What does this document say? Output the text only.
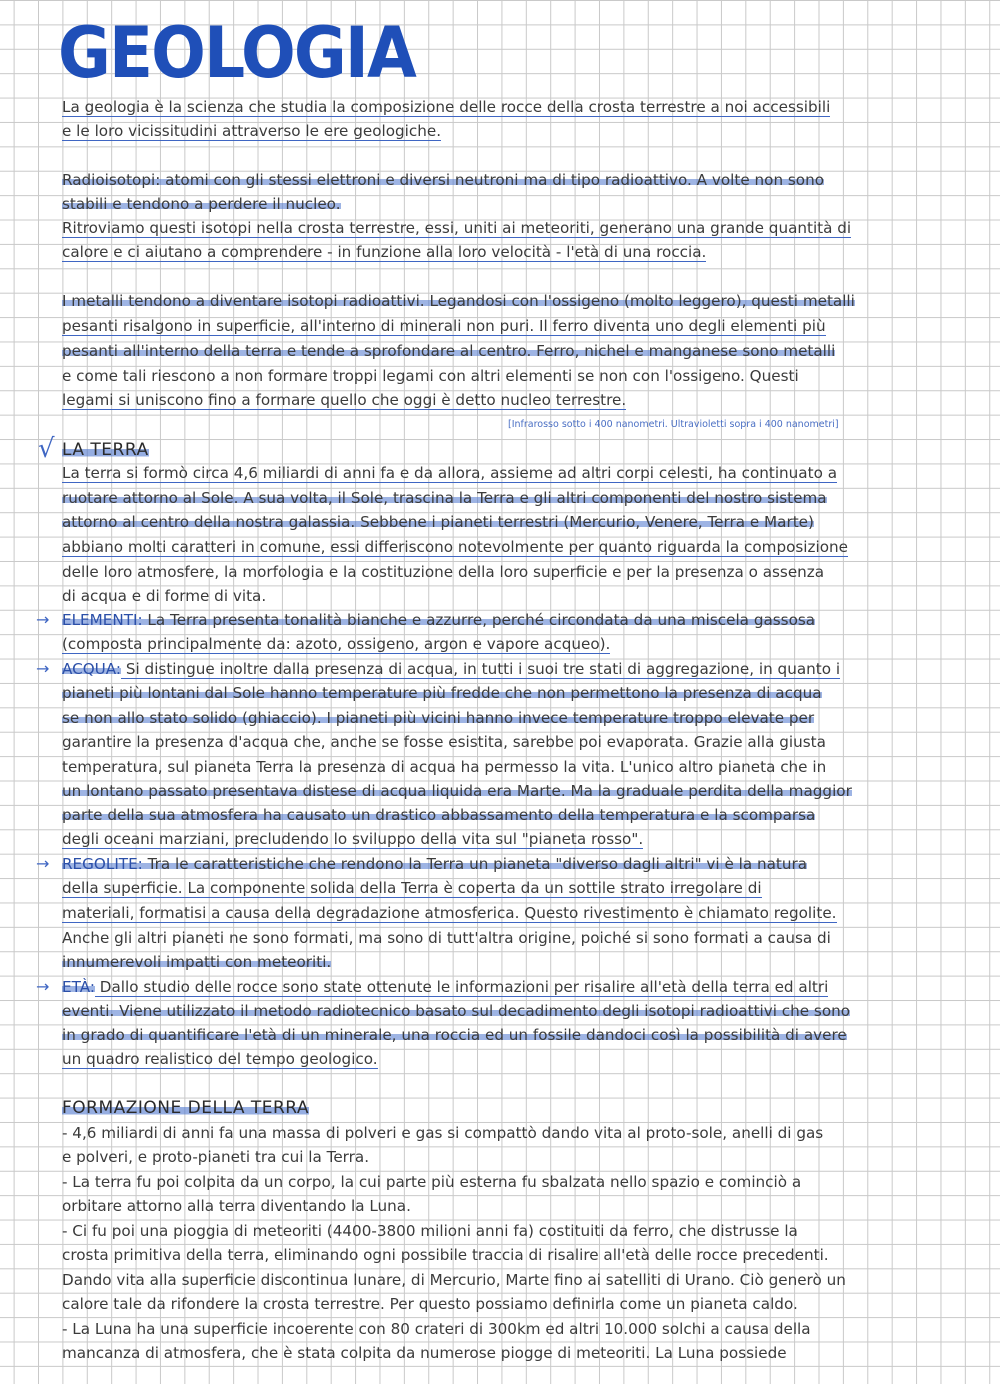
GEOLOGIA
La geologia è la scienza che studia la composizione delle rocce della crosta terrestre a noi accessibili
e le loro vicissitudini attraverso le ere geologiche.
Radioisotopi: atomi con gli stessi elettroni e diversi neutroni ma di tipo radioattivo. A volte non sono
stabili e tendono a perdere il nucleo.
Ritroviamo questi isotopi nella crosta terrestre, essi, uniti ai meteoriti, generano una grande quantità di
calore e ci aiutano a comprendere - in funzione alla loro velocità - l'età di una roccia.
I metalli tendono a diventare isotopi radioattivi. Legandosi con l'ossigeno (molto leggero), questi metalli
pesanti risalgono in superficie, all'interno di minerali non puri. Il ferro diventa uno degli elementi più
pesanti all'interno della terra e tende a sprofondare al centro. Ferro, nichel e manganese sono metalli
e come tali riescono a non formare troppi legami con altri elementi se non con l'ossigeno. Questi
legami si uniscono fino a formare quello che oggi è detto nucleo terrestre.
[Infrarosso sotto i 400 nanometri. Ultravioletti sopra i 400 nanometri]
√ LA TERRA
La terra si formò circa 4,6 miliardi di anni fa e da allora, assieme ad altri corpi celesti, ha continuato a
ruotare attorno al Sole. A sua volta, il Sole, trascina la Terra e gli altri componenti del nostro sistema
attorno al centro della nostra galassia. Sebbene i pianeti terrestri (Mercurio, Venere, Terra e Marte)
abbiano molti caratteri in comune, essi differiscono notevolmente per quanto riguarda la composizione
delle loro atmosfere, la morfologia e la costituzione della loro superficie e per la presenza o assenza
di acqua e di forme di vita.
→ ELEMENTI: La Terra presenta tonalità bianche e azzurre, perché circondata da una miscela gassosa
(composta principalmente da: azoto, ossigeno, argon e vapore acqueo).
→ ACQUA: Si distingue inoltre dalla presenza di acqua, in tutti i suoi tre stati di aggregazione, in quanto i
pianeti più lontani dal Sole hanno temperature più fredde che non permettono la presenza di acqua
se non allo stato solido (ghiaccio). I pianeti più vicini hanno invece temperature troppo elevate per
garantire la presenza d'acqua che, anche se fosse esistita, sarebbe poi evaporata. Grazie alla giusta
temperatura, sul pianeta Terra la presenza di acqua ha permesso la vita. L'unico altro pianeta che in
un lontano passato presentava distese di acqua liquida era Marte. Ma la graduale perdita della maggior
parte della sua atmosfera ha causato un drastico abbassamento della temperatura e la scomparsa
degli oceani marziani, precludendo lo sviluppo della vita sul "pianeta rosso".
→ REGOLITE: Tra le caratteristiche che rendono la Terra un pianeta "diverso dagli altri" vi è la natura
della superficie. La componente solida della Terra è coperta da un sottile strato irregolare di
materiali, formatisi a causa della degradazione atmosferica. Questo rivestimento è chiamato regolite.
Anche gli altri pianeti ne sono formati, ma sono di tutt'altra origine, poiché si sono formati a causa di
innumerevoli impatti con meteoriti.
→ ETÀ: Dallo studio delle rocce sono state ottenute le informazioni per risalire all'età della terra ed altri
eventi. Viene utilizzato il metodo radiotecnico basato sul decadimento degli isotopi radioattivi che sono
in grado di quantificare l'età di un minerale, una roccia ed un fossile dandoci così la possibilità di avere
un quadro realistico del tempo geologico.
FORMAZIONE DELLA TERRA
- 4,6 miliardi di anni fa una massa di polveri e gas si compattò dando vita al proto-sole, anelli di gas
e polveri, e proto-pianeti tra cui la Terra.
- La terra fu poi colpita da un corpo, la cui parte più esterna fu sbalzata nello spazio e cominciò a
orbitare attorno alla terra diventando la Luna.
- Ci fu poi una pioggia di meteoriti (4400-3800 milioni anni fa) costituiti da ferro, che distrusse la
crosta primitiva della terra, eliminando ogni possibile traccia di risalire all'età delle rocce precedenti.
Dando vita alla superficie discontinua lunare, di Mercurio, Marte fino ai satelliti di Urano. Ciò generò un
calore tale da rifondere la crosta terrestre. Per questo possiamo definirla come un pianeta caldo.
- La Luna ha una superficie incoerente con 80 crateri di 300km ed altri 10.000 solchi a causa della
mancanza di atmosfera, che è stata colpita da numerose piogge di meteoriti. La Luna possiede
